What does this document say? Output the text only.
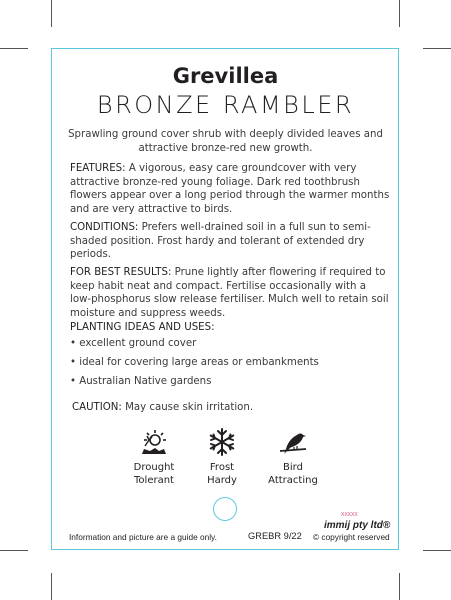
Grevillea
BRONZE RAMBLER
Sprawling ground cover shrub with deeply divided leaves and attractive bronze-red new growth.
FEATURES: A vigorous, easy care groundcover with very attractive bronze-red young foliage. Dark red toothbrush flowers appear over a long period through the warmer months and are very attractive to birds.
CONDITIONS: Prefers well-drained soil in a full sun to semi-shaded position. Frost hardy and tolerant of extended dry periods.
FOR BEST RESULTS: Prune lightly after flowering if required to keep habit neat and compact. Fertilise occasionally with a low-phosphorus slow release fertiliser. Mulch well to retain soil moisture and suppress weeds.
PLANTING IDEAS AND USES:
• excellent ground cover
• ideal for covering large areas or embankments
• Australian Native gardens
CAUTION: May cause skin irritation.
Drought
Tolerant
Frost
Hardy
Bird
Attracting
XXXXX
immij pty ltd®
Information and picture are a guide only.	GREBR 9/22 © copyright reserved
